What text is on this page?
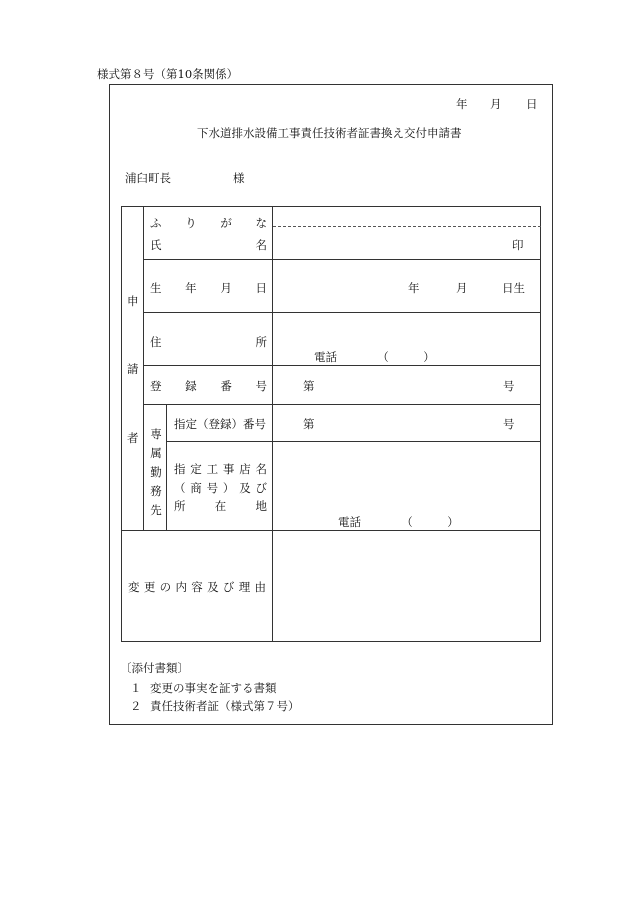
様式第８号（第10条関係）
年 月 日
下水道排水設備工事責任技術者証書換え交付申請書
浦臼町長	様
申
請
者
ふ り が な
氏	名	印
生 年 月 日	年	月	日生
住	所
電話　　　　（　　　）
登 録 番 号	第	号
専
属
勤
務
先
指定（登録）番号	第	号
指 定 工 事 店 名
（ 商 号 ） 及 び
所	在	地
電話　　　　（　　　）
変 更 の 内 容 及 び 理 由
〔添付書類〕
１ 変更の事実を証する書類
２ 責任技術者証（様式第７号）
